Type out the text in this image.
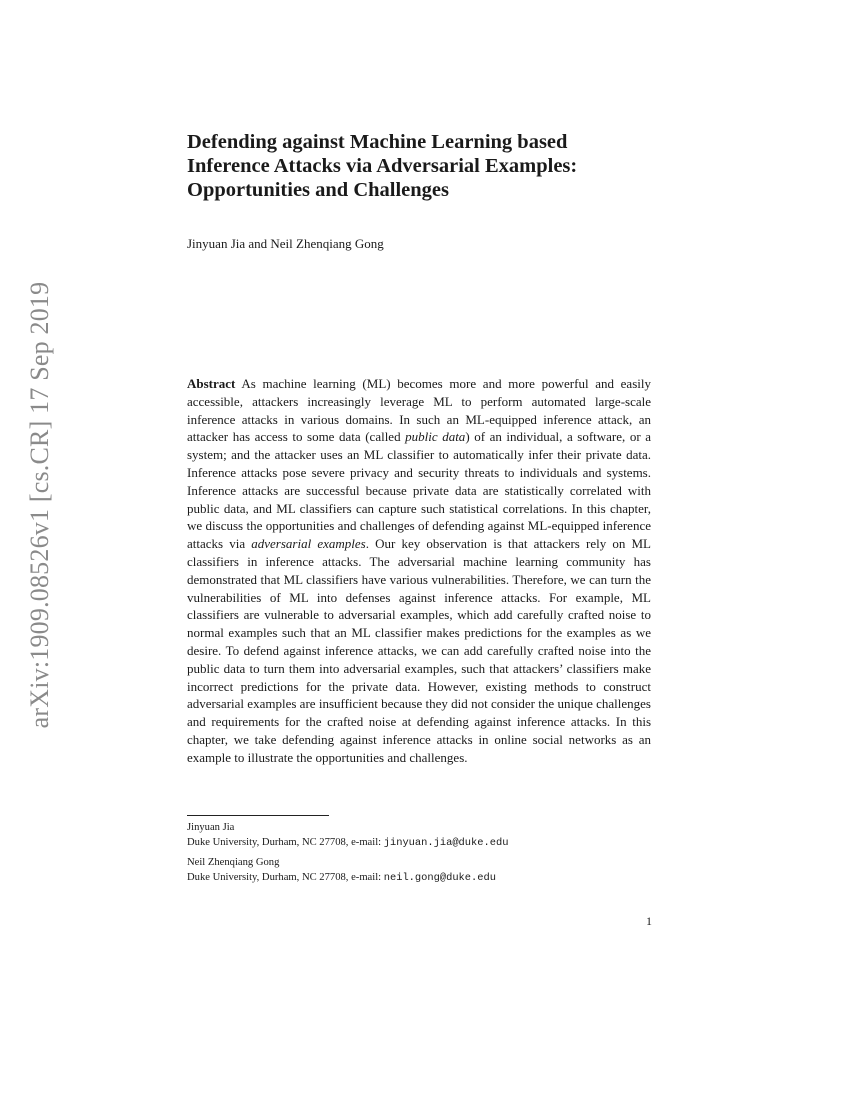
arXiv:1909.08526v1 [cs.CR] 17 Sep 2019
Defending against Machine Learning based
Inference Attacks via Adversarial Examples:
Opportunities and Challenges
Jinyuan Jia and Neil Zhenqiang Gong

Abstract As machine learning (ML) becomes more and more powerful and easily accessible, attackers increasingly leverage ML to perform automated large-scale inference attacks in various domains. In such an ML-equipped inference attack, an attacker has access to some data (called public data) of an individual, a software, or a system; and the attacker uses an ML classifier to automatically infer their private data. Inference attacks pose severe privacy and security threats to individuals and systems. Inference attacks are successful because private data are statistically correlated with public data, and ML classifiers can capture such statistical correlations. In this chapter, we discuss the opportunities and challenges of defending against ML-equipped inference attacks via adversarial examples. Our key observation is that attackers rely on ML classifiers in inference attacks. The adversarial machine learning community has demonstrated that ML classifiers have various vulnerabilities. Therefore, we can turn the vulnerabilities of ML into defenses against inference attacks. For example, ML classifiers are vulnerable to adversarial examples, which add carefully crafted noise to normal examples such that an ML classifier makes predictions for the examples as we desire. To defend against inference attacks, we can add carefully crafted noise into the public data to turn them into adversarial examples, such that attackers’ classifiers make incorrect predictions for the private data. However, existing methods to construct adversarial examples are insufficient because they did not consider the unique challenges and requirements for the crafted noise at defending against inference attacks. In this chapter, we take defending against inference attacks in online social networks as an example to illustrate the opportunities and challenges.

Jinyuan Jia
Duke University, Durham, NC 27708, e-mail: jinyuan.jia@duke.edu
Neil Zhenqiang Gong
Duke University, Durham, NC 27708, e-mail: neil.gong@duke.edu
1
